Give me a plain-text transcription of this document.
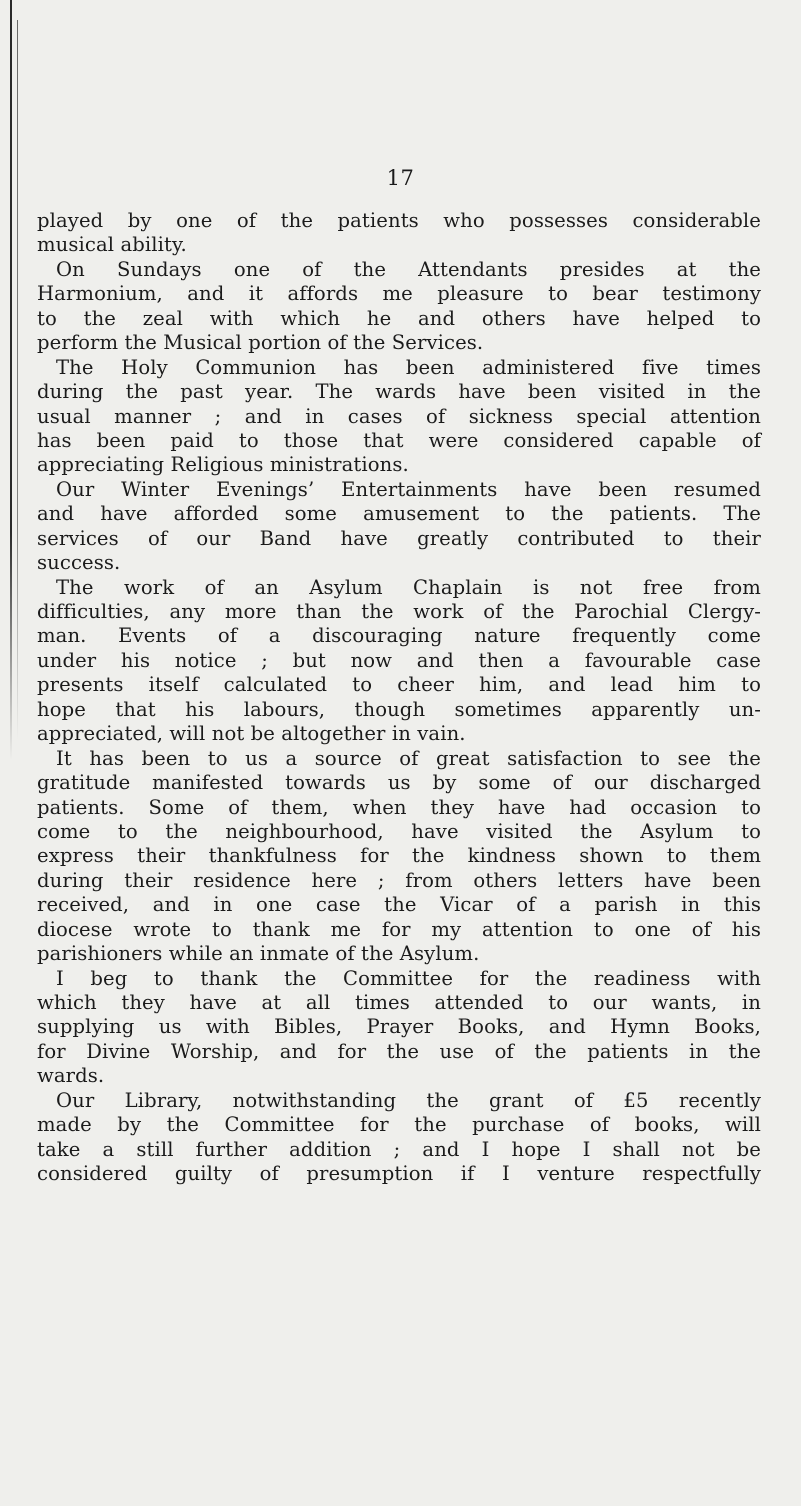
17
played by one of the patients who possesses considerable
musical ability.
On Sundays one of the Attendants presides at the
Harmonium, and it affords me pleasure to bear testimony
to the zeal with which he and others have helped to
perform the Musical portion of the Services.
The Holy Communion has been administered five times
during the past year. The wards have been visited in the
usual manner ; and in cases of sickness special attention
has been paid to those that were considered capable of
appreciating Religious ministrations.
Our Winter Evenings’ Entertainments have been resumed
and have afforded some amusement to the patients. The
services of our Band have greatly contributed to their
success.
The work of an Asylum Chaplain is not free from
difficulties, any more than the work of the Parochial Clergy-
man. Events of a discouraging nature frequently come
under his notice ; but now and then a favourable case
presents itself calculated to cheer him, and lead him to
hope that his labours, though sometimes apparently un-
appreciated, will not be altogether in vain.
It has been to us a source of great satisfaction to see the
gratitude manifested towards us by some of our discharged
patients. Some of them, when they have had occasion to
come to the neighbourhood, have visited the Asylum to
express their thankfulness for the kindness shown to them
during their residence here ; from others letters have been
received, and in one case the Vicar of a parish in this
diocese wrote to thank me for my attention to one of his
parishioners while an inmate of the Asylum.
I beg to thank the Committee for the readiness with
which they have at all times attended to our wants, in
supplying us with Bibles, Prayer Books, and Hymn Books,
for Divine Worship, and for the use of the patients in the
wards.
Our Library, notwithstanding the grant of £5 recently
made by the Committee for the purchase of books, will
take a still further addition ; and I hope I shall not be
considered guilty of presumption if I venture respectfully
